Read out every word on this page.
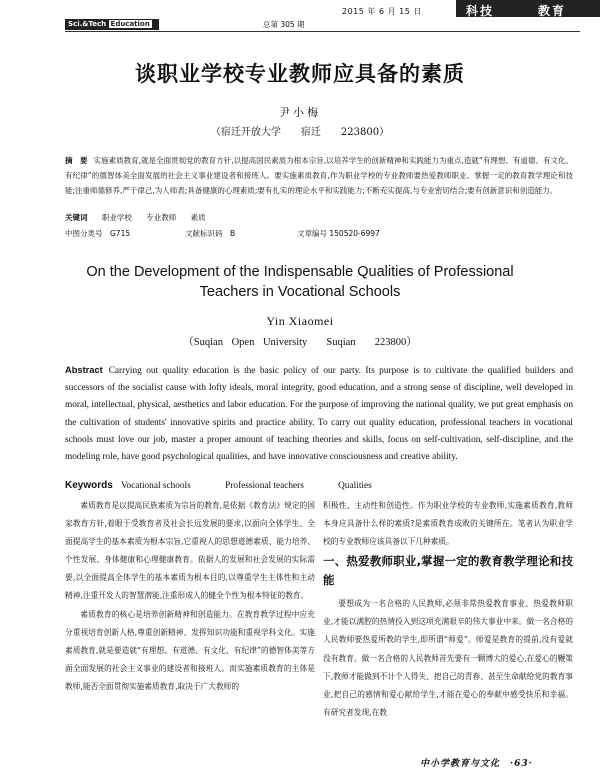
2015 年 6 月 15 日	科技	教育
Sci.&Tech Education	总第 305 期
谈职业学校专业教师应具备的素质
尹小梅
（宿迁开放大学　　宿迁　　223800）
摘　要 实施素质教育,就是全面贯彻党的教育方针,以提高国民素质为根本宗旨,以培养学生的创新精神和实践能力为重点,造就“有理想、有道德、有文化、有纪律”的德智体美全面发展的社会主义事业建设者和接班人。要实施素质教育,作为职业学校的专业教师要热爱教师职业、掌握一定的教育教学理论和技能;注重师德修养,严于律己,为人师表;具备健康的心理素质;要有扎实的理论水平和实践能力;不断充实提高,与专业密切结合;要有创新意识和创造能力。
关键词 职业学校 专业教师 素质
中图分类号　G715	文献标识码　B	文章编号 150520-6997
On the Development of the Indispensable Qualities of Professional
Teachers in Vocational Schools
Yin Xiaomei
（Suqian Open University　 Suqian　 223800）
Abstract Carrying out quality education is the basic policy of our party. Its purpose is to cultivate the qualified builders and successors of the socialist cause with lofty ideals, moral integrity, good education, and a strong sense of discipline, well developed in moral, intellectual, physical, aesthetics and labor education. For the purpose of improving the national quality, we put great emphasis on the cultivation of students' innovative spirits and practice ability. To carry out quality education, professional teachers in vocational schools must love our job, master a proper amount of teaching theories and skills, focus on self-cultivation, self-discipline, and the modeling role, have good psychological qualities, and have innovative consciousness and creative ability.
Keywords Vocational schools	Professional teachers	Qualities

素质教育是以提高民族素质为宗旨的教育,是依据《教育法》规定的国家教育方针,着眼于受教育者及社会长远发展的要求,以面向全体学生、全面提高学生的基本素质为根本宗旨,它重视人的思想道德素质、能力培养、个性发展、身体健康和心理健康教育。依据人的发展和社会发展的实际需要,以全面提高全体学生的基本素质为根本目的,以尊重学生主体性和主动精神,注重开发人的智慧潜能,注重形成人的健全个性为根本特征的教育。

素质教育的核心是培养创新精神和创造能力。在教育教学过程中应充分重视培育创新人格,尊重创新精神、发挥知识功能和重视学科文化。实施素质教育,就是要造就“有理想、有道德、有文化、有纪律”的德智体美等方面全面发展的社会主义事业的建设者和接班人。而实施素质教育的主体是教师,能否全面贯彻实施素质教育,取决于广大教师的

积极性、主动性和创造性。作为职业学校的专业教师,实施素质教育,教师本身应具备什么样的素质?是素质教育成败的关键所在。笔者认为职业学校的专业教师应该具备以下几种素质。

一、热爱教师职业,掌握一定的教育教学理论和技能

要想成为一名合格的人民教师,必须非常热爱教育事业、热爱教师职业,才能以满腔的热情投入到这项充满艰辛的伟大事业中来。做一名合格的人民教师要热爱所教的学生,即所谓“师爱”。师爱是教育的提前,没有爱就没有教育。做一名合格的人民教师首先要有一颗博大的爱心,在爱心的鞭策下,教师才能做到不计个人得失、把自己的青春、甚至生命献给党的教育事业,把自己的感情和爱心献给学生,才能在爱心的奉献中感受快乐和幸福。有研究者发现,在教

中小学教育与文化　·63·
